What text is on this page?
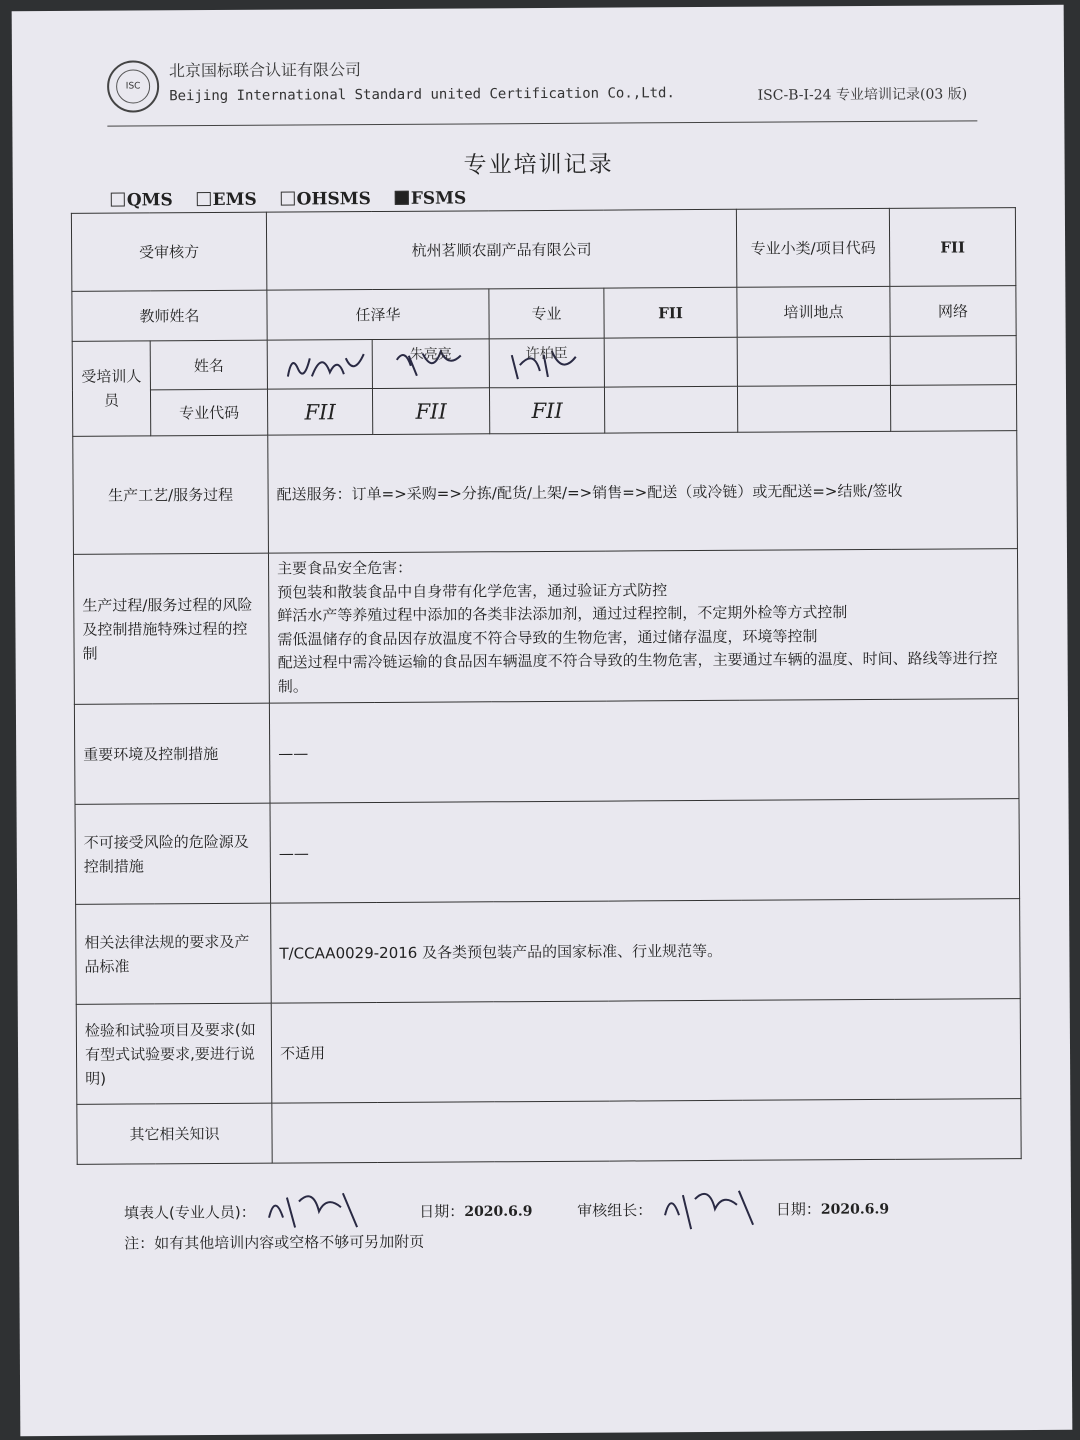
ISC
北京国标联合认证有限公司
Beijing International Standard united Certification Co.,Ltd.	ISC-B-I-24 专业培训记录(03 版)
专业培训记录
QMS EMS OHSMS FSMS
受审核方		杭州茗顺农副产品有限公司				专业小类/项目代码	FII
教师姓名		任泽华		专业	FII	培训地点	网络
受培训人员	姓名		朱亮亮	许柏臣			

	专业代码	FII	FII	FII			
生产工艺/服务过程		配送服务：订单=>采购=>分拣/配货/上架/=>销售=>配送（或冷链）或无配送=>结账/签收					
生产过程/服务过程的风险及控制措施特殊过程的控制		主要食品安全危害：
预包装和散装食品中自身带有化学危害，通过验证方式防控
鲜活水产等养殖过程中添加的各类非法添加剂，通过过程控制，不定期外检等方式控制
需低温储存的食品因存放温度不符合导致的生物危害，通过储存温度，环境等控制
配送过程中需冷链运输的食品因车辆温度不符合导致的生物危害，主要通过车辆的温度、时间、路线等进行控制。					

重要环境及控制措施		——					
不可接受风险的危险源及控制措施		——					
相关法律法规的要求及产品标准		T/CCAA0029-2016 及各类预包装产品的国家标准、行业规范等。					
检验和试验项目及要求(如有型式试验要求,要进行说明)		不适用					
其它相关知识							
填表人(专业人员)：	日期：2020.6.9	审核组长：	日期：2020.6.9
注：如有其他培训内容或空格不够可另加附页
